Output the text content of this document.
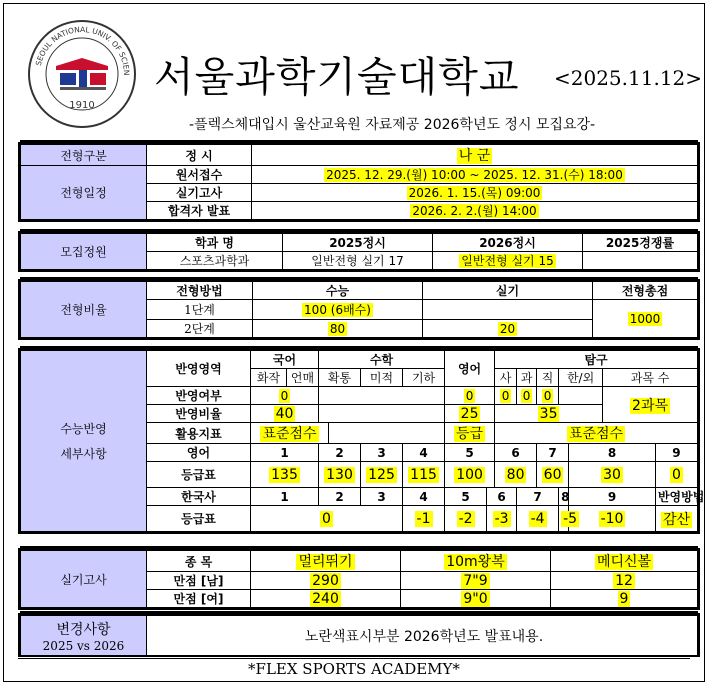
SEOUL NATIONAL UNIV. OF SCIEN
1910
서울과학기술대학교 <2025.11.12>
-플렉스체대입시 울산교육원 자료제공 2026학년도 정시 모집요강-
전형구분	정 시	나 군
전형일정	원서접수	2025. 12. 29.(월) 10:00 ~ 2025. 12. 31.(수) 18:00
	실기고사	2026. 1. 15.(목) 09:00
	합격자 발표	2026. 2. 2.(월) 14:00
모집정원	학과 명	2025정시	2026정시	2025경쟁률
	스포츠과학과	일반전형 실기 17	일반전형 실기 15	
전형비율	전형방법	수능	실기	전형총점
	1단계	100 (6배수)		1000
	2단계	80	20	
수능반영
세부사항	반영영역	국어		수학				영어		탐구						
		화작	언매	확통		미적	기하			사	과	직	한/외		과목 수	
	반영여부	0						0		0	0	0			2과목	
	반영비율	40						25		35						
	활용지표	표준점수						등급		표준점수						
	영어	1		2		3	4	5		6		7		8		9
	등급표	135		130		125	115	100		80		60		30		0
	한국사	1		2		3	4	5	6		7		8	9		반영방법
	등급표	0					-1	-2	-3		-4		-5	-10		감산
실기고사	종 목	멀리뛰기	10m왕복	메디신볼
	만점 [남]	290	7"9	12
	만점 [여]	240	9"0	9
변경사항
2025 vs 2026
	노란색표시부분 2026학년도 발표내용.
*FLEX SPORTS ACADEMY*
